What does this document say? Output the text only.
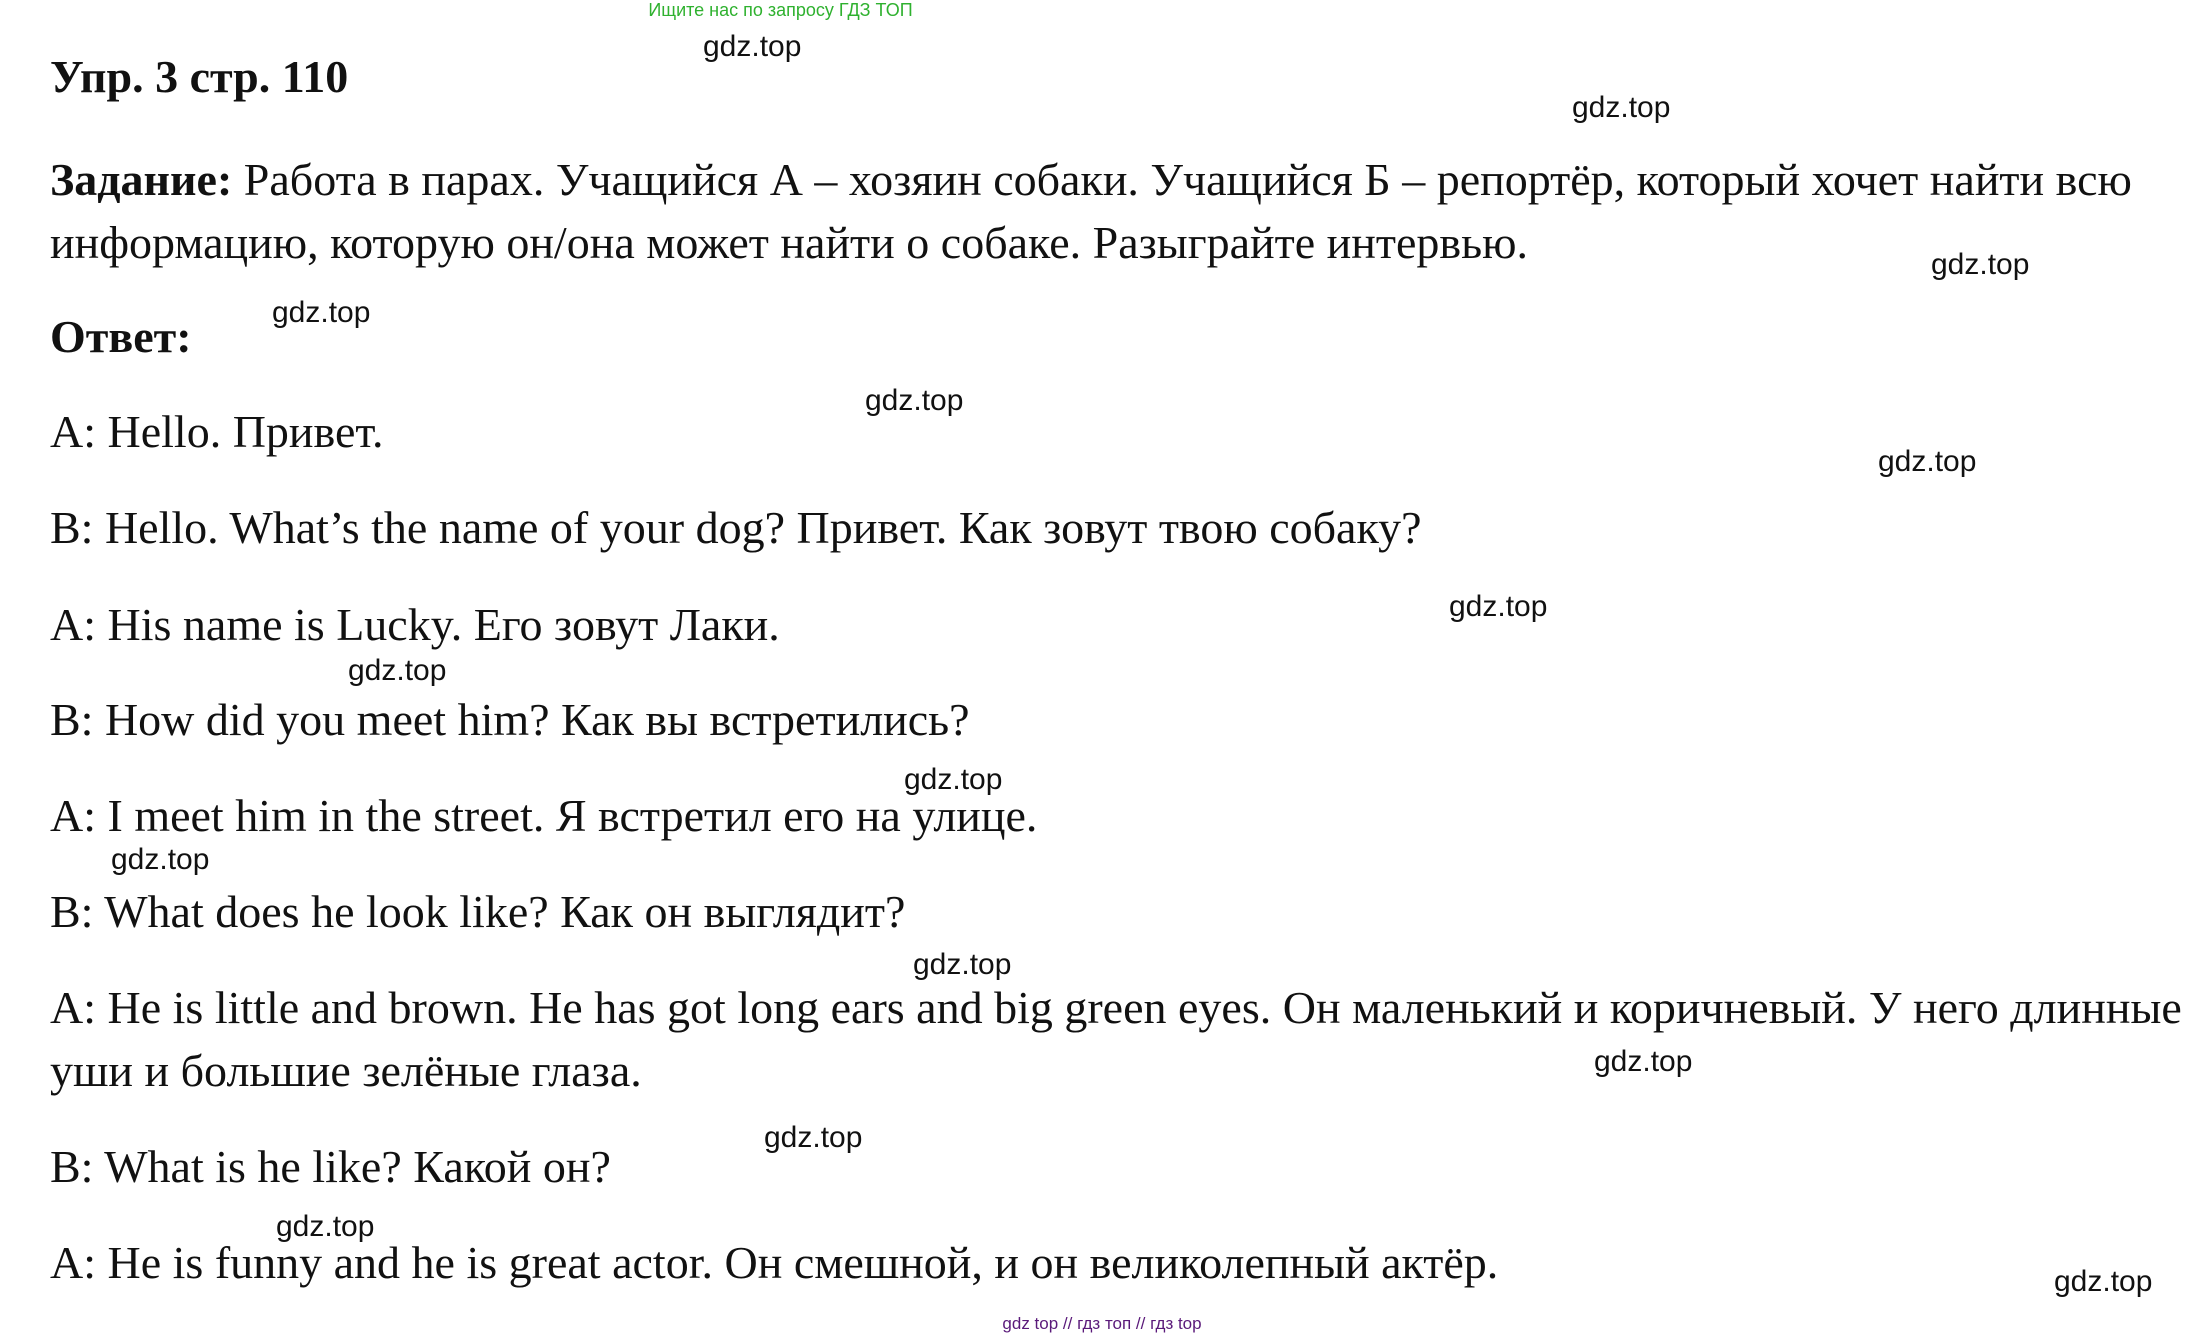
Ищите нас по запросу ГДЗ ТОП
Упр. 3 стр. 110
Задание: Работа в парах. Учащийся А – хозяин собаки. Учащийся Б – репортёр, который хочет найти всю информацию, которую он/она может найти о собаке. Разыграйте интервью.
Ответ:
A: Hello. Привет.
B: Hello. What’s the name of your dog? Привет. Как зовут твою собаку?
A: His name is Lucky. Его зовут Лаки.
B: How did you meet him? Как вы встретились?
A: I meet him in the street. Я встретил его на улице.
B: What does he look like? Как он выглядит?
A: He is little and brown. He has got long ears and big green eyes. Он маленький и коричневый. У него длинные уши и большие зелёные глаза.
B: What is he like? Какой он?
A: He is funny and he is great actor. Он смешной, и он великолепный актёр.
gdz.top
gdz.top
gdz.top
gdz.top
gdz.top
gdz.top
gdz.top
gdz.top
gdz.top
gdz.top
gdz.top
gdz.top
gdz.top
gdz.top
gdz.top
gdz top // гдз топ // гдз top
